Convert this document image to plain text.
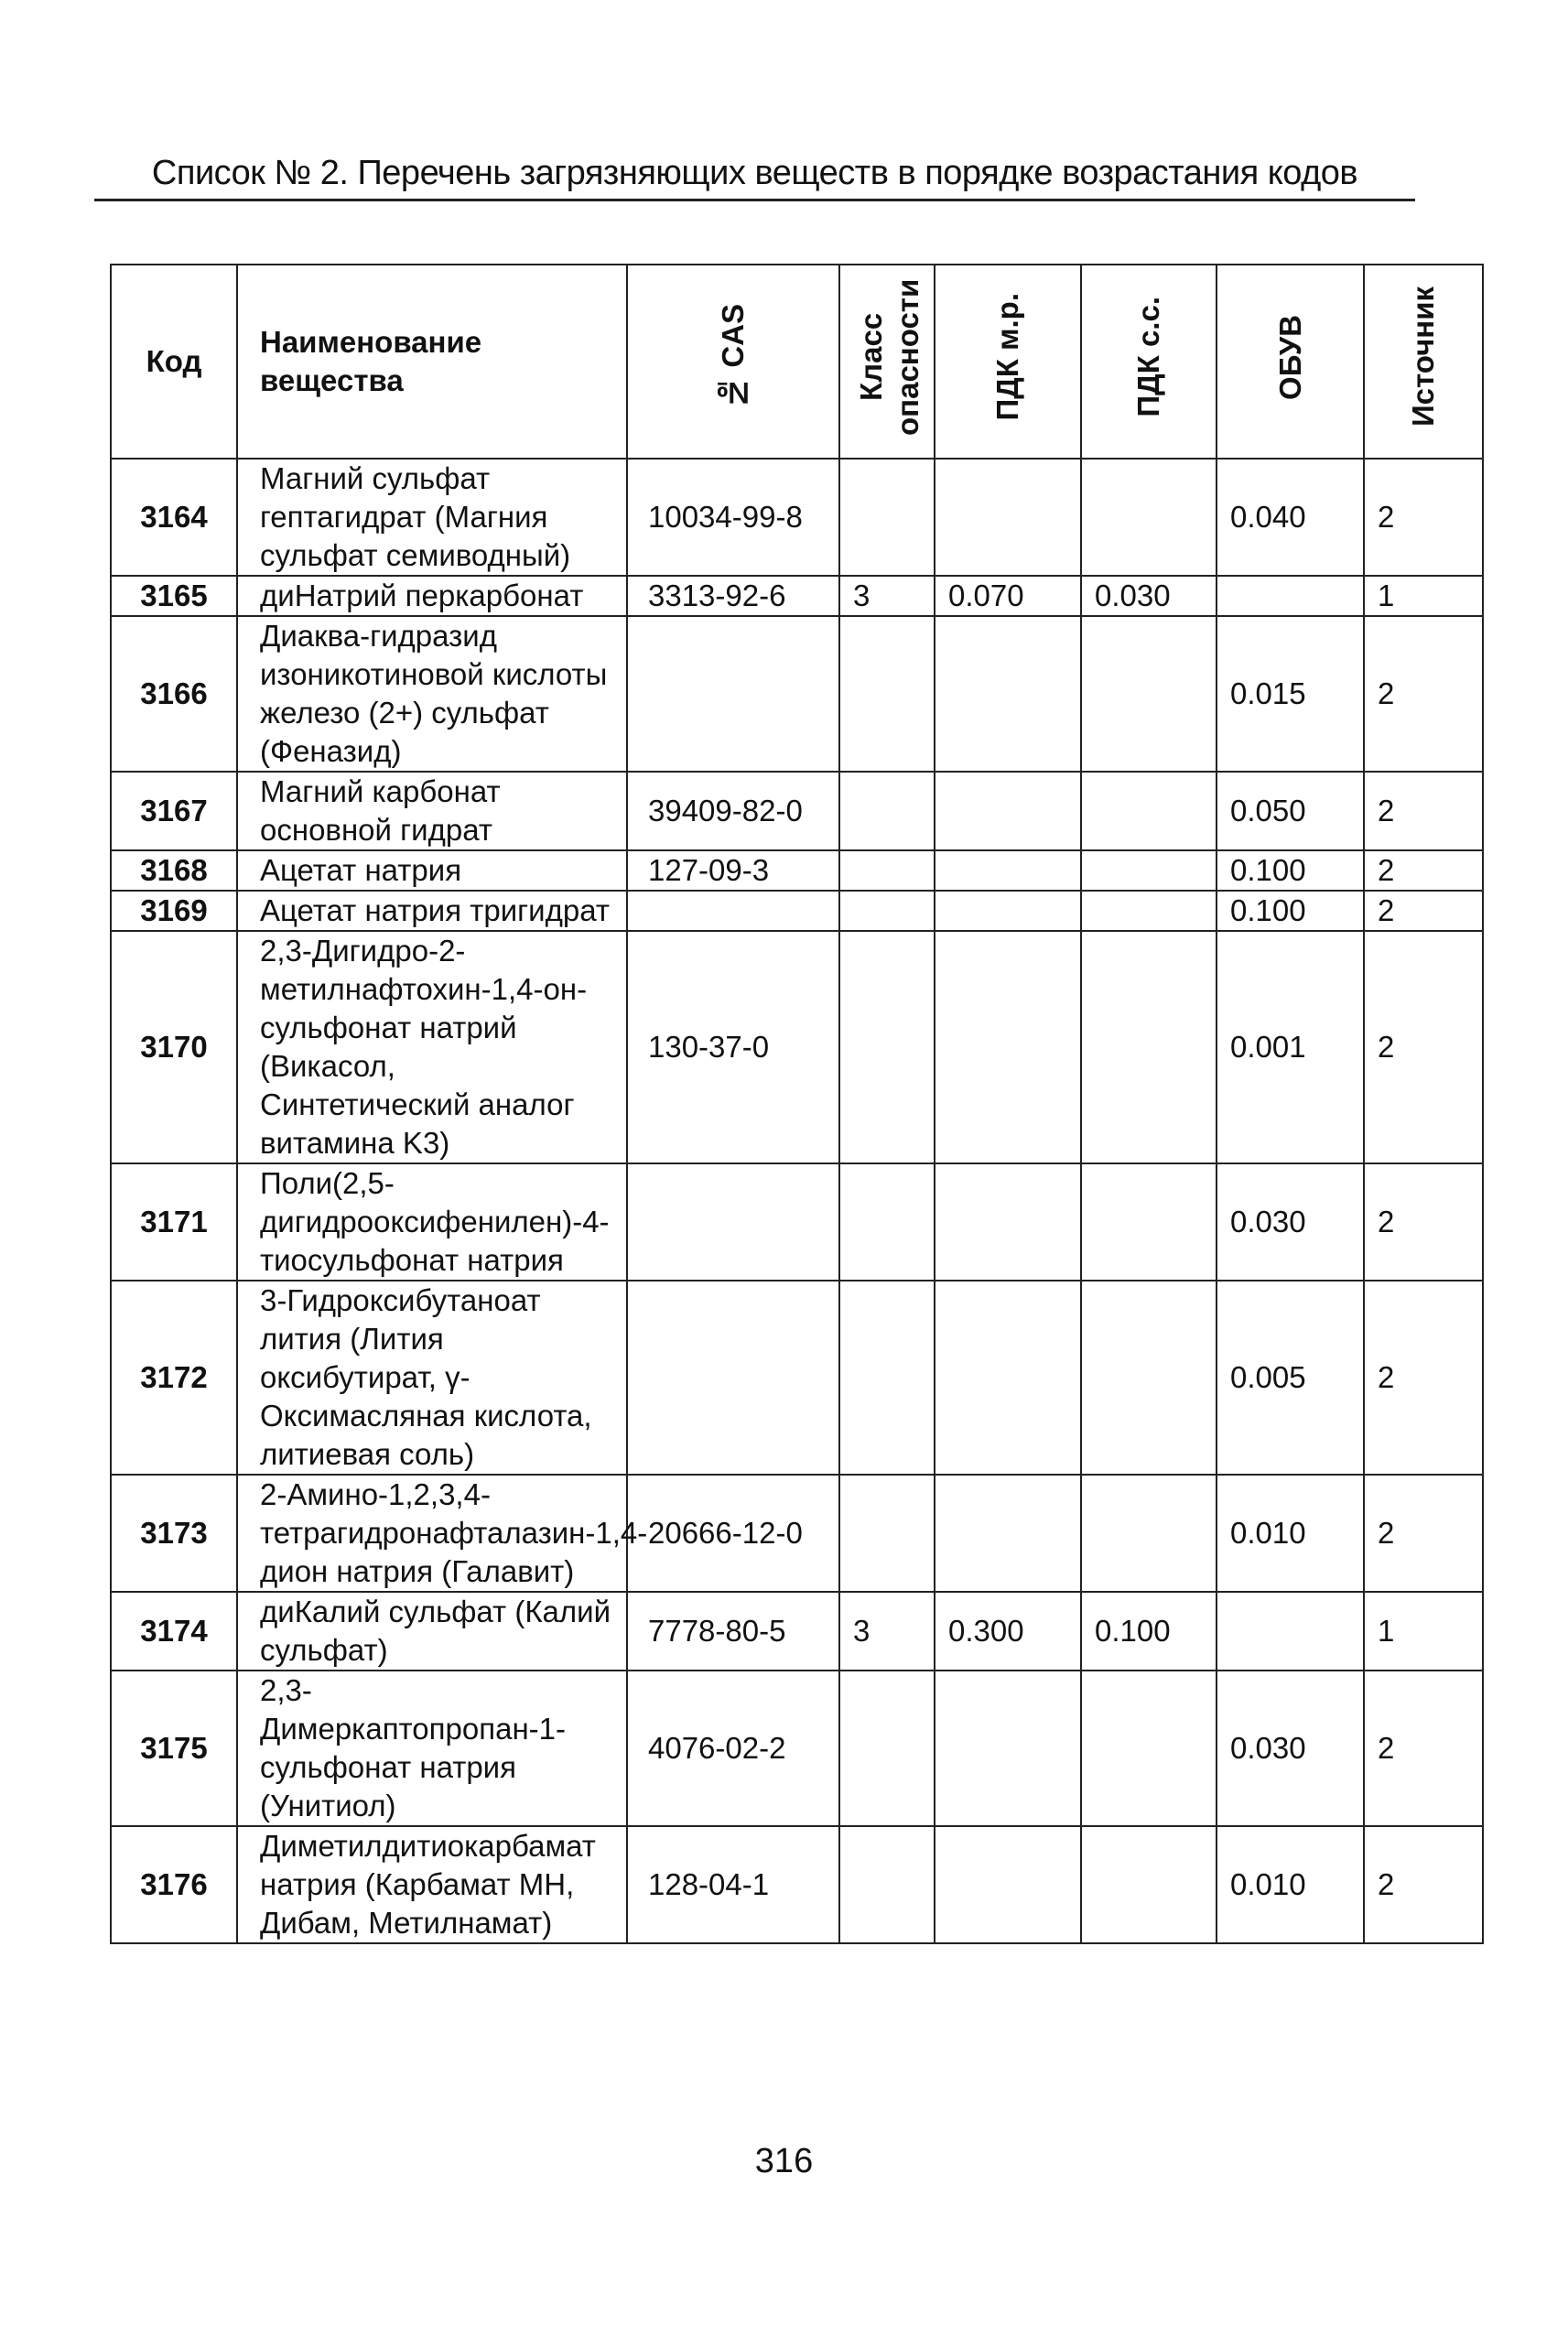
Список № 2. Перечень загрязняющих веществ в порядке возрастания кодов
Код	Наименование вещества	№ CAS	Класс опасности	ПДК м.р.	ПДК с.с.	ОБУВ	Источник
3164	Магний сульфат гептагидрат (Магния сульфат семиводный)	10034-99-8				0.040	2
3165	диНатрий перкарбонат	3313-92-6	3	0.070	0.030		1
3166	Диаква-гидразид изоникотиновой кислоты железо (2+) сульфат (Феназид)					0.015	2
3167	Магний карбонат основной гидрат	39409-82-0				0.050	2
3168	Ацетат натрия	127-09-3				0.100	2
3169	Ацетат натрия тригидрат					0.100	2
3170	2,3-Дигидро-2-метилнафтохин-1,4-он-сульфонат натрий (Викасол, Синтетический аналог витамина K3)	130-37-0				0.001	2
3171	Поли(2,5-дигидрооксифенилен)-4-тиосульфонат натрия					0.030	2
3172	3-Гидроксибутаноат лития (Лития оксибутират, γ-Оксимасляная кислота, литиевая соль)					0.005	2
3173	2-Амино-1,2,3,4-тетрагидронафталазин-1,4-дион натрия (Галавит)	20666-12-0				0.010	2
3174	диКалий сульфат (Калий сульфат)	7778-80-5	3	0.300	0.100		1
3175	2,3-Димеркаптопропан-1-сульфонат натрия (Унитиол)	4076-02-2				0.030	2
3176	Диметилдитиокарбамат натрия (Карбамат МН, Дибам, Метилнамат)	128-04-1				0.010	2
316
